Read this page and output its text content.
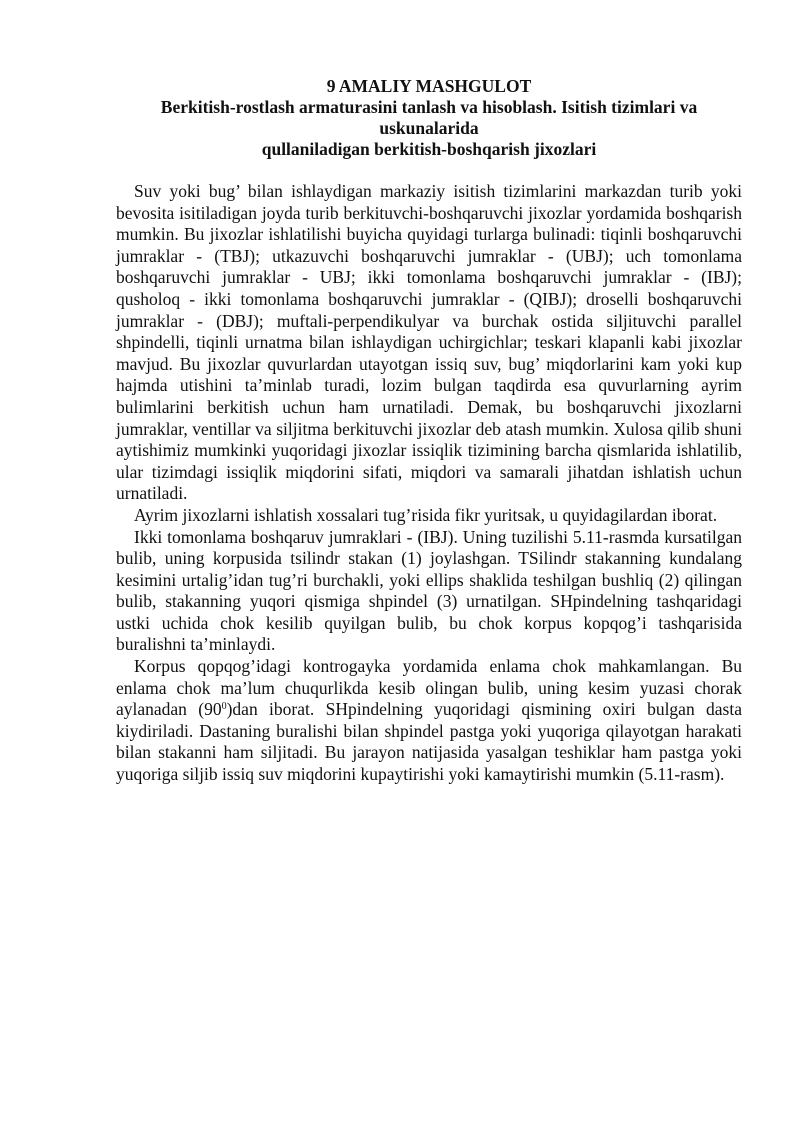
9 AMALIY MASHGULOT
Berkitish-rostlash armaturasini tanlash va hisoblash. Isitish tizimlari va uskunalarida
qullaniladigan berkitish-boshqarish jixozlari

Suv yoki bug’ bilan ishlaydigan markaziy isitish tizimlarini markazdan turib yoki bevosita isitiladigan joyda turib berkituvchi-boshqaruvchi jixozlar yordamida boshqarish mumkin. Bu jixozlar ishlatilishi buyicha quyidagi turlarga bulinadi: tiqinli boshqaruvchi jumraklar - (TBJ); utkazuvchi boshqaruvchi jumraklar - (UBJ); uch tomonlama boshqaruvchi jumraklar - UBJ; ikki tomonlama boshqaruvchi jumraklar - (IBJ); qusholoq - ikki tomonlama boshqaruvchi jumraklar - (QIBJ); droselli boshqaruvchi jumraklar - (DBJ); muftali-perpendikulyar va burchak ostida siljituvchi parallel shpindelli, tiqinli urnatma bilan ishlaydigan uchirgichlar; teskari klapanli kabi jixozlar mavjud. Bu jixozlar quvurlardan utayotgan issiq suv, bug’ miqdorlarini kam yoki kup hajmda utishini ta’minlab turadi, lozim bulgan taqdirda esa quvurlarning ayrim bulimlarini berkitish uchun ham urnatiladi. Demak, bu boshqaruvchi jixozlarni jumraklar, ventillar va siljitma berkituvchi jixozlar deb atash mumkin. Xulosa qilib shuni aytishimiz mumkinki yuqoridagi jixozlar issiqlik tizimining barcha qismlarida ishlatilib, ular tizimdagi issiqlik miqdorini sifati, miqdori va samarali jihatdan ishlatish uchun urnatiladi.

Ayrim jixozlarni ishlatish xossalari tug’risida fikr yuritsak, u quyidagilardan iborat.

Ikki tomonlama boshqaruv jumraklari - (IBJ). Uning tuzilishi 5.11-rasmda kursatilgan bulib, uning korpusida tsilindr stakan (1) joylashgan. TSilindr stakanning kundalang kesimini urtalig’idan tug’ri burchakli, yoki ellips shaklida teshilgan bushliq (2) qilingan bulib, stakanning yuqori qismiga shpindel (3) urnatilgan. SHpindelning tashqaridagi ustki uchida chok kesilib quyilgan bulib, bu chok korpus kopqog’i tashqarisida buralishni ta’minlaydi.

Korpus qopqog’idagi kontrogayka yordamida enlama chok mahkamlangan. Bu enlama chok ma’lum chuqurlikda kesib olingan bulib, uning kesim yuzasi chorak aylanadan $(90^0)dan$ iborat. SHpindelning yuqoridagi qismining oxiri bulgan dasta kiydiriladi. Dastaning buralishi bilan shpindel pastga yoki yuqoriga qilayotgan harakati bilan stakanni ham siljitadi. Bu jarayon natijasida yasalgan teshiklar ham pastga yoki yuqoriga siljib issiq suv miqdorini kupaytirishi yoki kamaytirishi mumkin (5.11-rasm).
